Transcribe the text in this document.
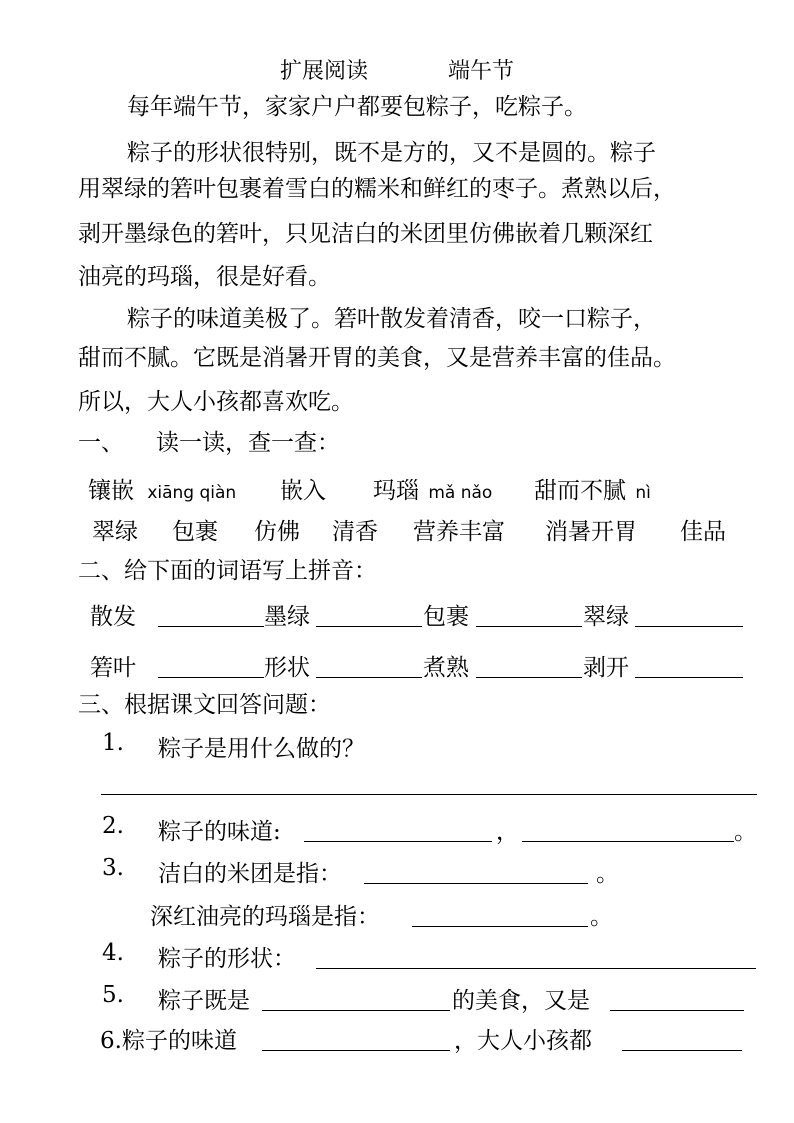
扩展阅读	端午节
每年端午节，家家户户都要包粽子，吃粽子。
粽子的形状很特别，既不是方的，又不是圆的。粽子
用翠绿的箬叶包裹着雪白的糯米和鲜红的枣子。煮熟以后，
剥开墨绿色的箬叶，只见洁白的米团里仿佛嵌着几颗深红
油亮的玛瑙，很是好看。
粽子的味道美极了。箬叶散发着清香，咬一口粽子，
甜而不腻。它既是消暑开胃的美食，又是营养丰富的佳品。
所以，大人小孩都喜欢吃。
一、 读一读，查一查：
镶嵌 xiāng qiàn 嵌入 玛瑙 mǎ nǎo 甜而不腻 nì
翠绿 包裹 仿佛 清香 营养丰富 消暑开胃 佳品
二、给下面的词语写上拼音：
散发	墨绿	包裹	翠绿
箬叶	形状	煮熟	剥开
三、根据课文回答问题：
1. 粽子是用什么做的？
2. 粽子的味道:	，	。
3. 洁白的米团是指：	。
深红油亮的玛瑙是指：	。
4. 粽子的形状：
5. 粽子既是	的美食，又是
6.粽子的味道	，大人小孩都
